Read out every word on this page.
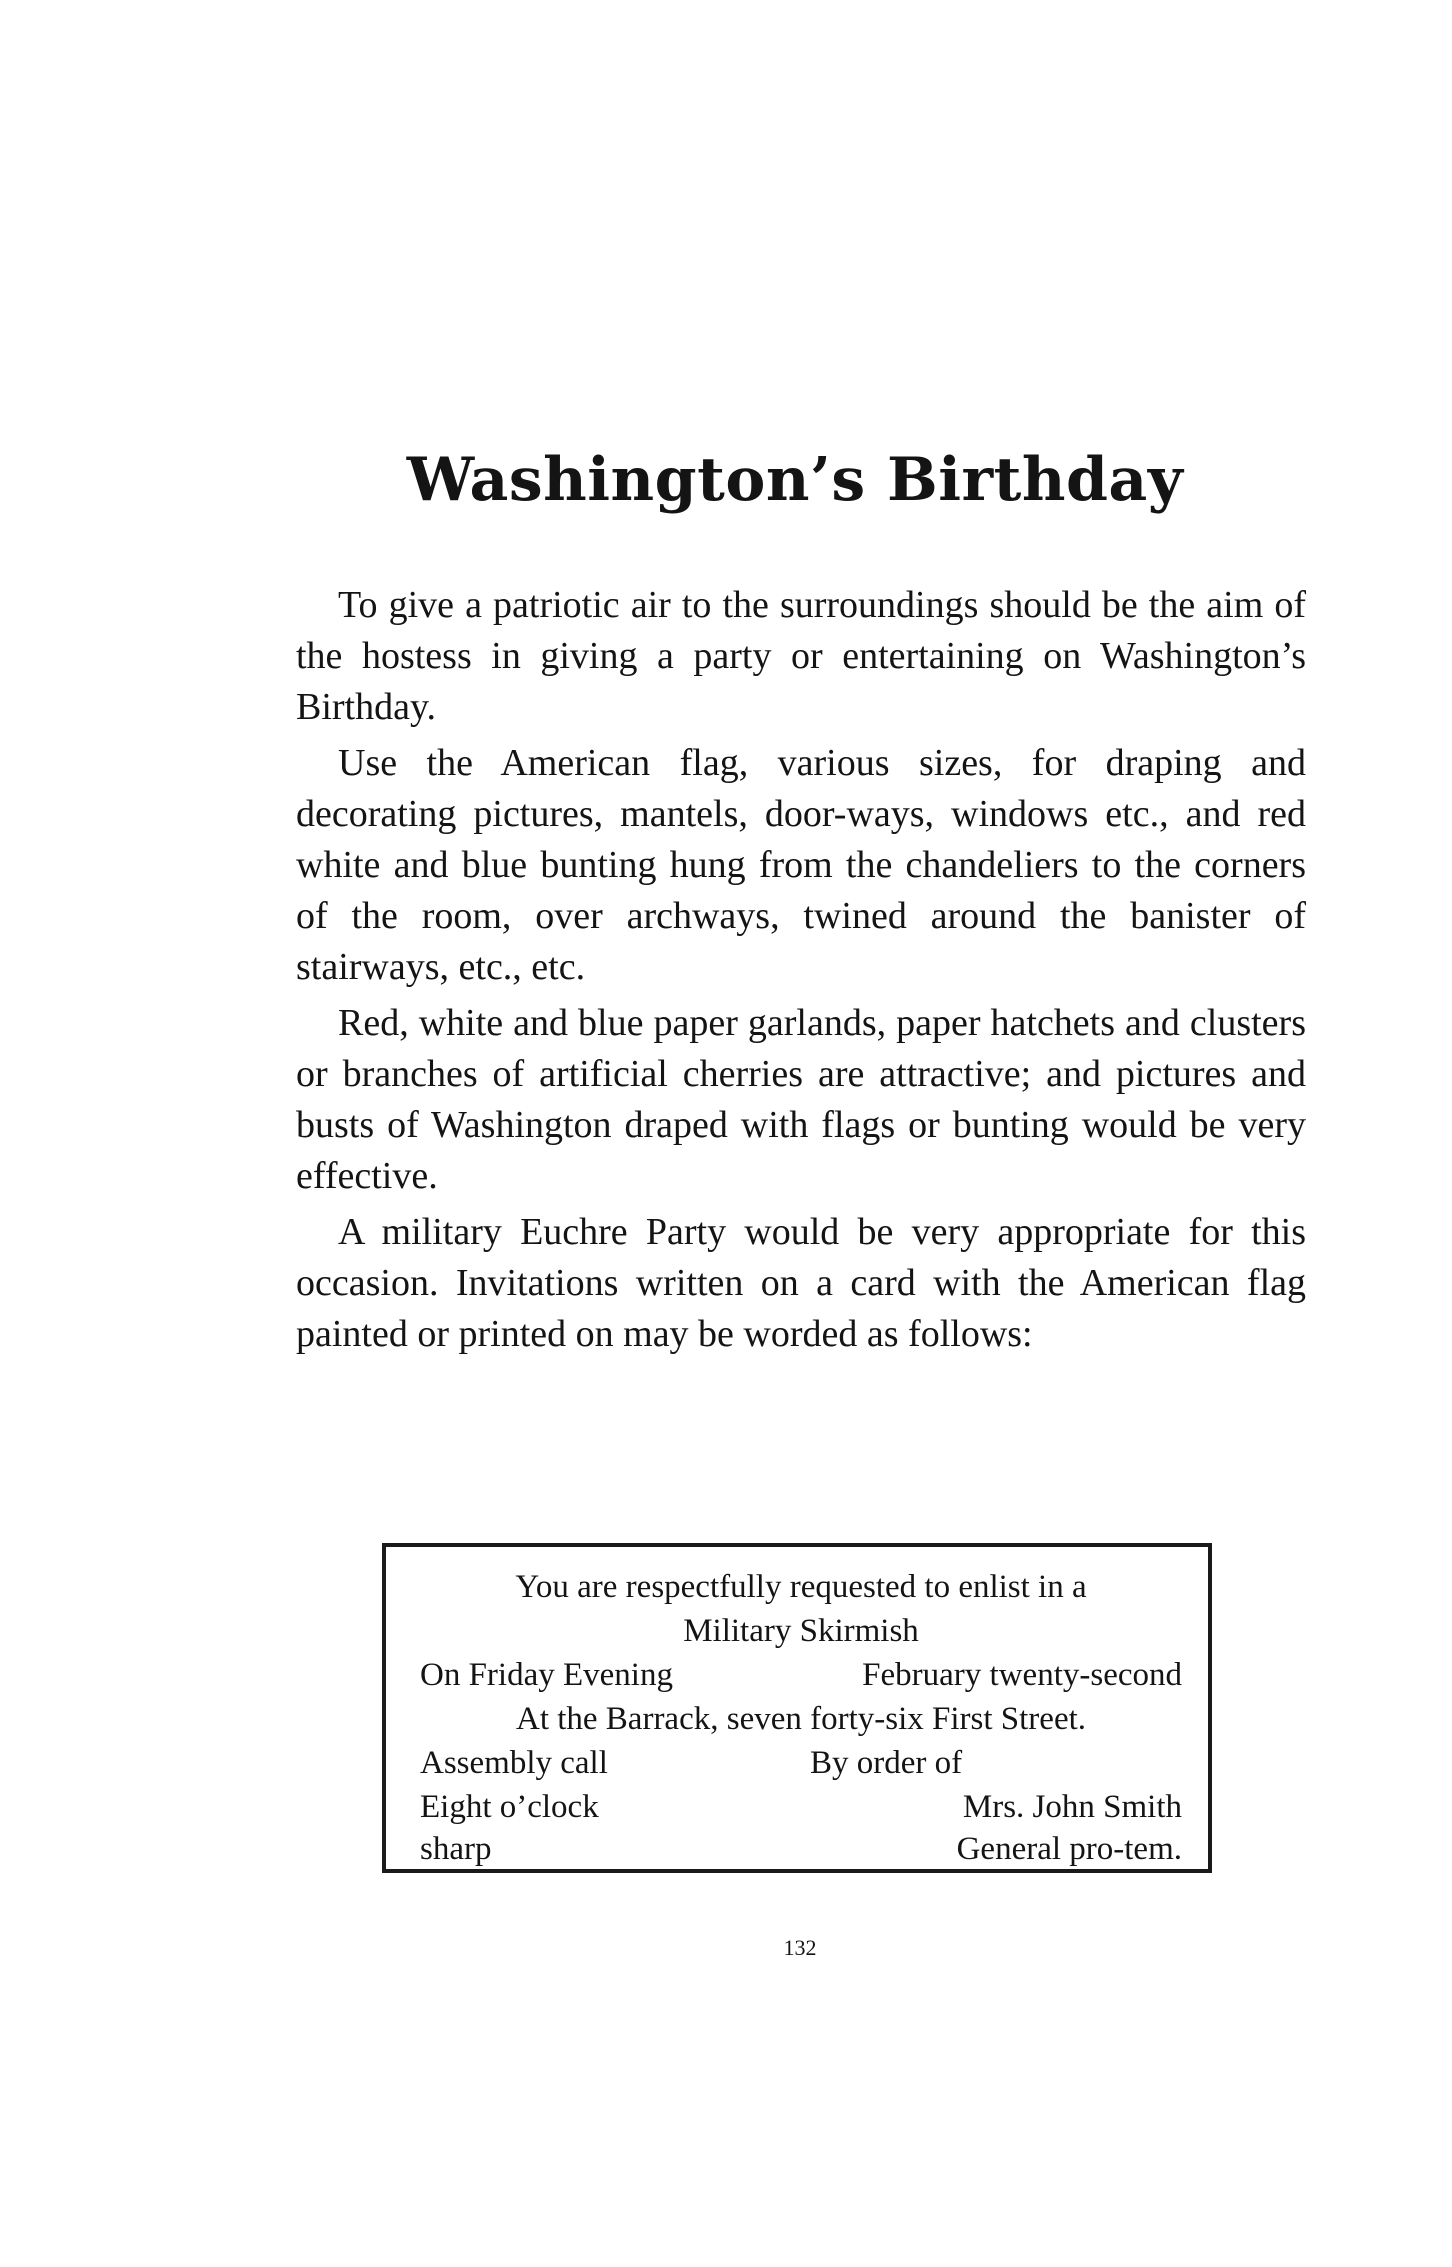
Washington’s Birthday

To give a patriotic air to the surroundings should be the aim of the hostess in giving a party or entertaining on Washington’s Birthday.

Use the American flag, various sizes, for draping and decorating pictures, mantels, door-ways, windows etc., and red white and blue bunting hung from the chandeliers to the corners of the room, over archways, twined around the banister of stairways, etc., etc.

Red, white and blue paper garlands, paper hatchets and clusters or branches of artificial cherries are attractive; and pictures and busts of Washington draped with flags or bunting would be very effective.

A military Euchre Party would be very appropriate for this occasion. Invitations written on a card with the American flag painted or printed on may be worded as follows:

You are respectfully requested to enlist in a
Military Skirmish
On Friday Evening	February twenty-second
At the Barrack, seven forty-six First Street.
Assembly call	By order of
Eight o’clock	Mrs. John Smith
sharp	General pro-tem.
132
